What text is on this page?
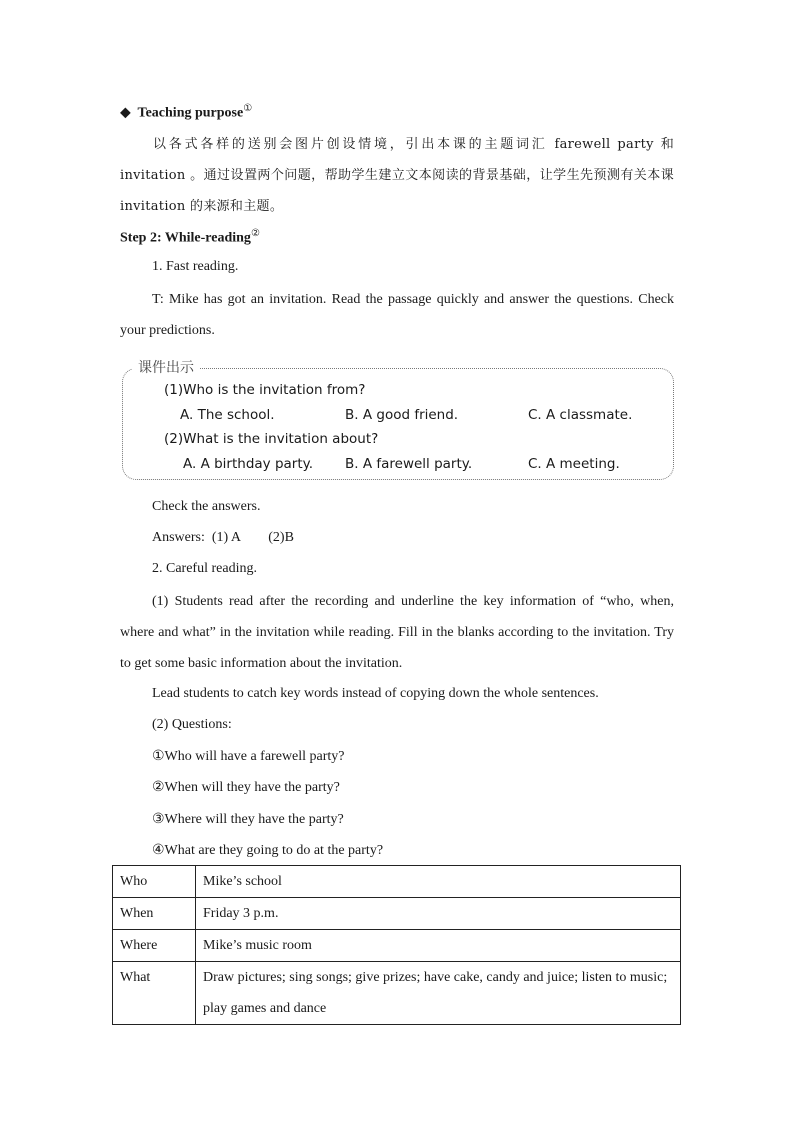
◆ Teaching purpose①
以各式各样的送别会图片创设情境，引出本课的主题词汇 farewell party 和 invitation 。通过设置两个问题，帮助学生建立文本阅读的背景基础，让学生先预测有关本课 invitation 的来源和主题。
Step 2: While-reading②
1. Fast reading.
T: Mike has got an invitation. Read the passage quickly and answer the questions. Check your predictions.
课件出示
(1)Who is the invitation from?
A. The school.	B. A good friend.	C. A classmate.
(2)What is the invitation about?
A. A birthday party. B. A farewell party.	C. A meeting.
Check the answers.
Answers:  (1) A        (2)B
2. Careful reading.
(1) Students read after the recording and underline the key information of “who, when, where and what” in the invitation while reading. Fill in the blanks according to the invitation. Try to get some basic information about the invitation.
Lead students to catch key words instead of copying down the whole sentences.
(2) Questions:
①Who will have a farewell party?
②When will they have the party?
③Where will they have the party?
④What are they going to do at the party?
Who	Mike’s school
When	Friday 3 p.m.
Where	Mike’s music room
What	Draw pictures; sing songs; give prizes; have cake, candy and juice; listen to music; play games and dance
